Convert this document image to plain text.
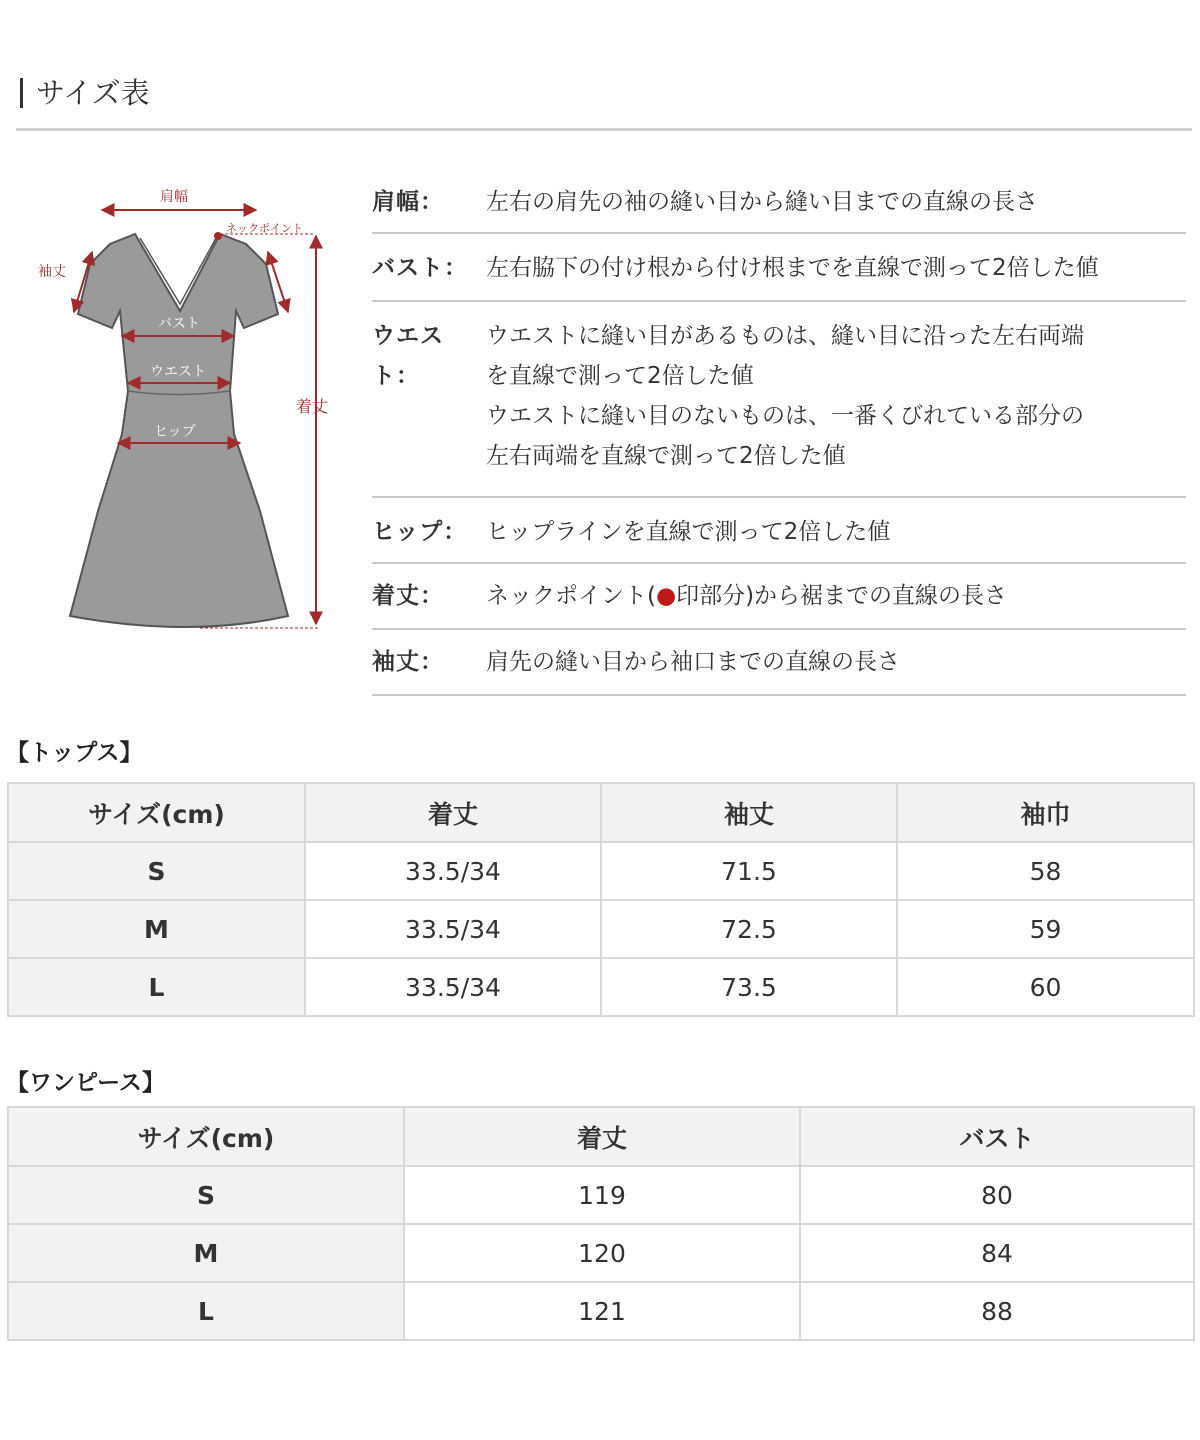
サイズ表
肩幅
ネックポイント
袖丈
バスト
ウエスト
ヒップ
着丈
肩幅：	左右の肩先の袖の縫い目から縫い目までの直線の長さ
バスト： 左右脇下の付け根から付け根までを直線で測って2倍した値
ウエスト：
ウエストに縫い目があるものは、縫い目に沿った左右両端
を直線で測って2倍した値
ウエストに縫い目のないものは、一番くびれている部分の
左右両端を直線で測って2倍した値
ヒップ： ヒップラインを直線で測って2倍した値
着丈：	ネックポイント(●印部分)から裾までの直線の長さ
袖丈：	肩先の縫い目から袖口までの直線の長さ
【トップス】
サイズ(cm)	着丈	袖丈	袖巾
S	33.5/34	71.5	58
M	33.5/34	72.5	59
L	33.5/34	73.5	60
【ワンピース】
サイズ(cm)	着丈	バスト
S	119	80
M	120	84
L	121	88
